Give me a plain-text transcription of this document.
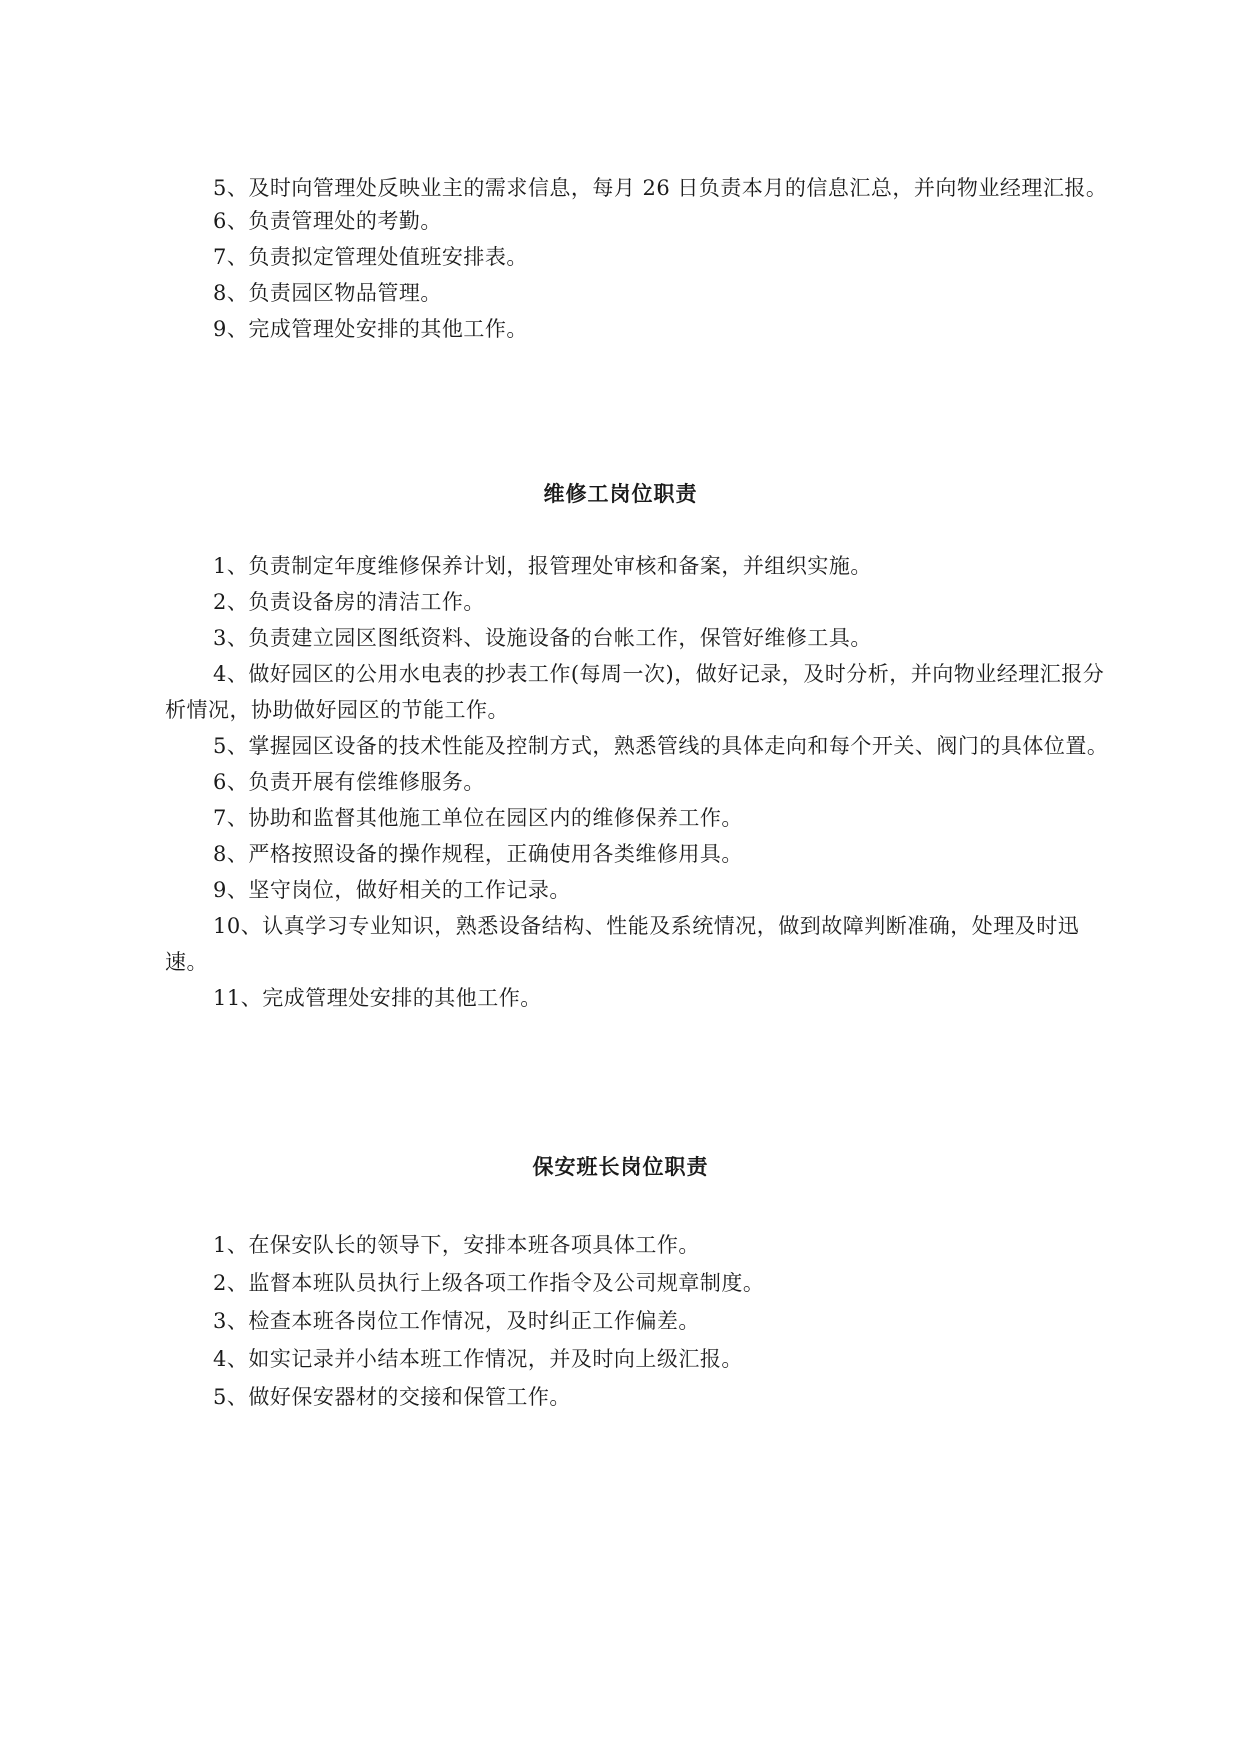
5、及时向管理处反映业主的需求信息，每月 26 日负责本月的信息汇总，并向物业经理汇报。

6、负责管理处的考勤。

7、负责拟定管理处值班安排表。

8、负责园区物品管理。

9、完成管理处安排的其他工作。

维修工岗位职责

1、负责制定年度维修保养计划，报管理处审核和备案，并组织实施。

2、负责设备房的清洁工作。

3、负责建立园区图纸资料、设施设备的台帐工作，保管好维修工具。

4、做好园区的公用水电表的抄表工作(每周一次)，做好记录，及时分析，并向物业经理汇报分析情况，协助做好园区的节能工作。

5、掌握园区设备的技术性能及控制方式，熟悉管线的具体走向和每个开关、阀门的具体位置。

6、负责开展有偿维修服务。

7、协助和监督其他施工单位在园区内的维修保养工作。

8、严格按照设备的操作规程，正确使用各类维修用具。

9、坚守岗位，做好相关的工作记录。

10、认真学习专业知识，熟悉设备结构、性能及系统情况，做到故障判断准确，处理及时迅速。

11、完成管理处安排的其他工作。

保安班长岗位职责

1、在保安队长的领导下，安排本班各项具体工作。

2、监督本班队员执行上级各项工作指令及公司规章制度。

3、检查本班各岗位工作情况，及时纠正工作偏差。

4、如实记录并小结本班工作情况，并及时向上级汇报。

5、做好保安器材的交接和保管工作。
